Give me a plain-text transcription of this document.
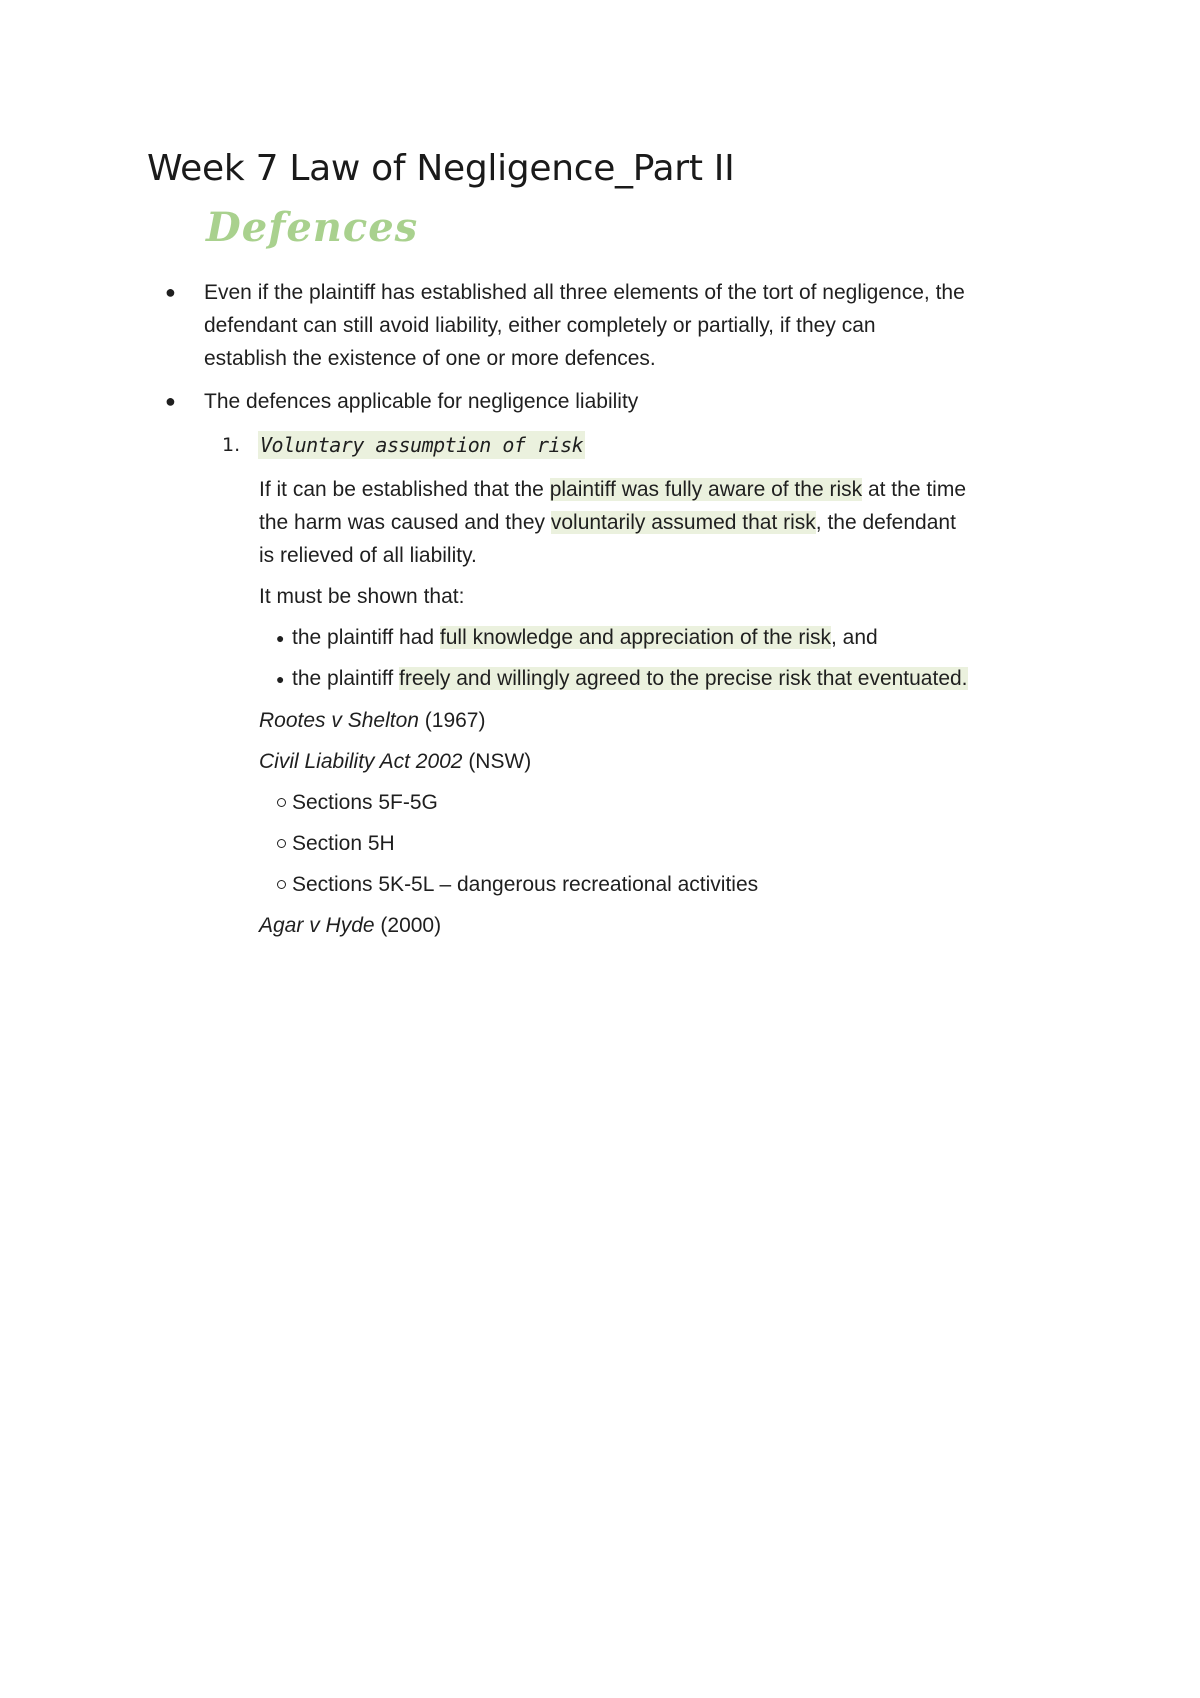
Week 7 Law of Negligence_Part II
Defences
● Even if the plaintiff has established all three elements of the tort of negligence, the
defendant can still avoid liability, either completely or partially, if they can
establish the existence of one or more defences.
● The defences applicable for negligence liability
1. Voluntary assumption of risk
If it can be established that the plaintiff was fully aware of the risk at the time
the harm was caused and they voluntarily assumed that risk, the defendant
is relieved of all liability.
It must be shown that:
● the plaintiff had full knowledge and appreciation of the risk, and
● the plaintiff freely and willingly agreed to the precise risk that eventuated.
Rootes v Shelton (1967)
Civil Liability Act 2002 (NSW)
Sections 5F-5G
Section 5H
Sections 5K-5L – dangerous recreational activities
Agar v Hyde (2000)
